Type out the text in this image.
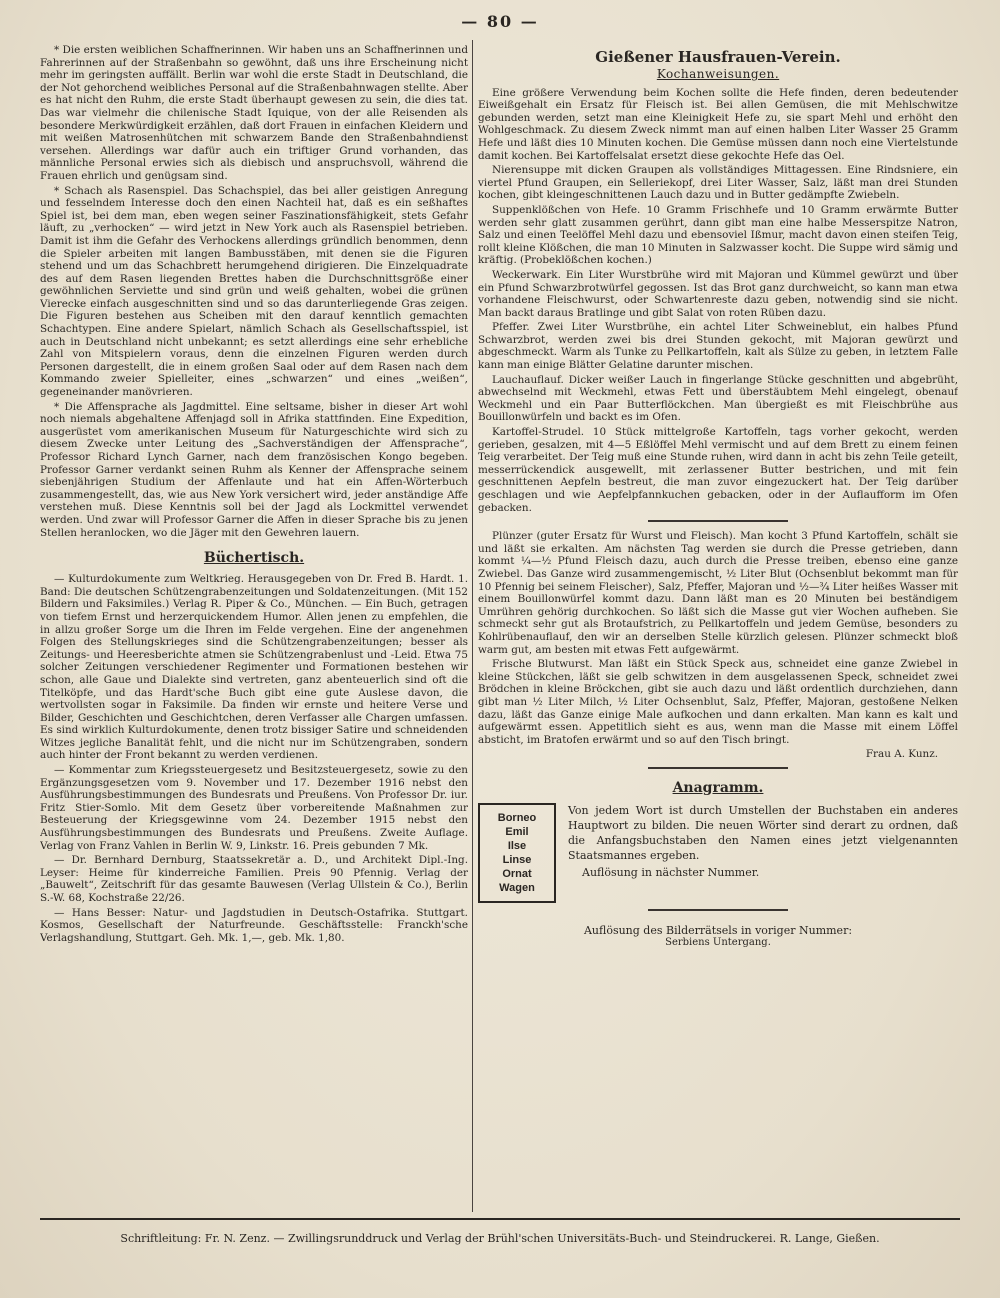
— 80 —

* Die ersten weiblichen Schaffnerinnen. Wir haben uns an Schaffnerinnen und Fahrerinnen auf der Straßenbahn so gewöhnt, daß uns ihre Erscheinung nicht mehr im geringsten auffällt. Berlin war wohl die erste Stadt in Deutschland, die der Not gehorchend weibliches Personal auf die Straßenbahnwagen stellte. Aber es hat nicht den Ruhm, die erste Stadt überhaupt gewesen zu sein, die dies tat. Das war vielmehr die chilenische Stadt Iquique, von der alle Reisenden als besondere Merkwürdigkeit erzählen, daß dort Frauen in einfachen Kleidern und mit weißen Matrosenhütchen mit schwarzem Bande den Straßenbahndienst versehen. Allerdings war dafür auch ein triftiger Grund vorhanden, das männliche Personal erwies sich als diebisch und anspruchsvoll, während die Frauen ehrlich und genügsam sind.

* Schach als Rasenspiel. Das Schachspiel, das bei aller geistigen Anregung und fesselndem Interesse doch den einen Nachteil hat, daß es ein seßhaftes Spiel ist, bei dem man, eben wegen seiner Faszinationsfähigkeit, stets Gefahr läuft, zu „verhocken“ — wird jetzt in New York auch als Rasenspiel betrieben. Damit ist ihm die Gefahr des Verhockens allerdings gründlich benommen, denn die Spieler arbeiten mit langen Bambusstäben, mit denen sie die Figuren stehend und um das Schachbrett herumgehend dirigieren. Die Einzelquadrate des auf dem Rasen liegenden Brettes haben die Durchschnittsgröße einer gewöhnlichen Serviette und sind grün und weiß gehalten, wobei die grünen Vierecke einfach ausgeschnitten sind und so das darunterliegende Gras zeigen. Die Figuren bestehen aus Scheiben mit den darauf kenntlich gemachten Schachtypen. Eine andere Spielart, nämlich Schach als Gesellschaftsspiel, ist auch in Deutschland nicht unbekannt; es setzt allerdings eine sehr erhebliche Zahl von Mitspielern voraus, denn die einzelnen Figuren werden durch Personen dargestellt, die in einem großen Saal oder auf dem Rasen nach dem Kommando zweier Spielleiter, eines „schwarzen“ und eines „weißen“, gegeneinander manövrieren.

* Die Affensprache als Jagdmittel. Eine seltsame, bisher in dieser Art wohl noch niemals abgehaltene Affenjagd soll in Afrika stattfinden. Eine Expedition, ausgerüstet vom amerikanischen Museum für Naturgeschichte wird sich zu diesem Zwecke unter Leitung des „Sachverständigen der Affensprache“, Professor Richard Lynch Garner, nach dem französischen Kongo begeben. Professor Garner verdankt seinen Ruhm als Kenner der Affensprache seinem siebenjährigen Studium der Affenlaute und hat ein Affen-Wörterbuch zusammengestellt, das, wie aus New York versichert wird, jeder anständige Affe verstehen muß. Diese Kenntnis soll bei der Jagd als Lockmittel verwendet werden. Und zwar will Professor Garner die Affen in dieser Sprache bis zu jenen Stellen heranlocken, wo die Jäger mit den Gewehren lauern.

Büchertisch.

— Kulturdokumente zum Weltkrieg. Herausgegeben von Dr. Fred B. Hardt. 1. Band: Die deutschen Schützengrabenzeitungen und Soldatenzeitungen. (Mit 152 Bildern und Faksimiles.) Verlag R. Piper & Co., München. — Ein Buch, getragen von tiefem Ernst und herzerquickendem Humor. Allen jenen zu empfehlen, die in allzu großer Sorge um die Ihren im Felde vergehen. Eine der angenehmen Folgen des Stellungskrieges sind die Schützengrabenzeitungen; besser als Zeitungs- und Heeresberichte atmen sie Schützengrabenlust und -Leid. Etwa 75 solcher Zeitungen verschiedener Regimenter und Formationen bestehen wir schon, alle Gaue und Dialekte sind vertreten, ganz abenteuerlich sind oft die Titelköpfe, und das Hardt'sche Buch gibt eine gute Auslese davon, die wertvollsten sogar in Faksimile. Da finden wir ernste und heitere Verse und Bilder, Geschichten und Geschichtchen, deren Verfasser alle Chargen umfassen. Es sind wirklich Kulturdokumente, denen trotz bissiger Satire und schneidenden Witzes jegliche Banalität fehlt, und die nicht nur im Schützengraben, sondern auch hinter der Front bekannt zu werden verdienen.

— Kommentar zum Kriegssteuergesetz und Besitzsteuergesetz, sowie zu den Ergänzungsgesetzen vom 9. November und 17. Dezember 1916 nebst den Ausführungsbestimmungen des Bundesrats und Preußens. Von Professor Dr. iur. Fritz Stier-Somlo. Mit dem Gesetz über vorbereitende Maßnahmen zur Besteuerung der Kriegsgewinne vom 24. Dezember 1915 nebst den Ausführungsbestimmungen des Bundesrats und Preußens. Zweite Auflage. Verlag von Franz Vahlen in Berlin W. 9, Linkstr. 16. Preis gebunden 7 Mk.

— Dr. Bernhard Dernburg, Staatssekretär a. D., und Architekt Dipl.-Ing. Leyser: Heime für kinderreiche Familien. Preis 90 Pfennig. Verlag der „Bauwelt“, Zeitschrift für das gesamte Bauwesen (Verlag Ullstein & Co.), Berlin S.-W. 68, Kochstraße 22/26.

— Hans Besser: Natur- und Jagdstudien in Deutsch-Ostafrika. Stuttgart. Kosmos, Gesellschaft der Naturfreunde. Geschäftsstelle: Franckh'sche Verlagshandlung, Stuttgart. Geh. Mk. 1,—, geb. Mk. 1,80.

Gießener Hausfrauen-Verein.
Kochanweisungen.

Eine größere Verwendung beim Kochen sollte die Hefe finden, deren bedeutender Eiweißgehalt ein Ersatz für Fleisch ist. Bei allen Gemüsen, die mit Mehlschwitze gebunden werden, setzt man eine Kleinigkeit Hefe zu, sie spart Mehl und erhöht den Wohlgeschmack. Zu diesem Zweck nimmt man auf einen halben Liter Wasser 25 Gramm Hefe und läßt dies 10 Minuten kochen. Die Gemüse müssen dann noch eine Viertelstunde damit kochen. Bei Kartoffelsalat ersetzt diese gekochte Hefe das Oel.

Nierensuppe mit dicken Graupen als vollständiges Mittagessen. Eine Rindsniere, ein viertel Pfund Graupen, ein Selleriekopf, drei Liter Wasser, Salz, läßt man drei Stunden kochen, gibt kleingeschnittenen Lauch dazu und in Butter gedämpfte Zwiebeln.

Suppenklößchen von Hefe. 10 Gramm Frischhefe und 10 Gramm erwärmte Butter werden sehr glatt zusammen gerührt, dann gibt man eine halbe Messerspitze Natron, Salz und einen Teelöffel Mehl dazu und ebensoviel Ißmur, macht davon einen steifen Teig, rollt kleine Klößchen, die man 10 Minuten in Salzwasser kocht. Die Suppe wird sämig und kräftig. (Probeklößchen kochen.)

Weckerwark. Ein Liter Wurstbrühe wird mit Majoran und Kümmel gewürzt und über ein Pfund Schwarzbrotwürfel gegossen. Ist das Brot ganz durchweicht, so kann man etwa vorhandene Fleischwurst, oder Schwartenreste dazu geben, notwendig sind sie nicht. Man backt daraus Bratlinge und gibt Salat von roten Rüben dazu.

Pfeffer. Zwei Liter Wurstbrühe, ein achtel Liter Schweineblut, ein halbes Pfund Schwarzbrot, werden zwei bis drei Stunden gekocht, mit Majoran gewürzt und abgeschmeckt. Warm als Tunke zu Pellkartoffeln, kalt als Sülze zu geben, in letztem Falle kann man einige Blätter Gelatine darunter mischen.

Lauchauflauf. Dicker weißer Lauch in fingerlange Stücke geschnitten und abgebrüht, abwechselnd mit Weckmehl, etwas Fett und überstäubtem Mehl eingelegt, obenauf Weckmehl und ein Paar Butterflöckchen. Man übergießt es mit Fleischbrühe aus Bouillonwürfeln und backt es im Ofen.

Kartoffel-Strudel. 10 Stück mittelgroße Kartoffeln, tags vorher gekocht, werden gerieben, gesalzen, mit 4—5 Eßlöffel Mehl vermischt und auf dem Brett zu einem feinen Teig verarbeitet. Der Teig muß eine Stunde ruhen, wird dann in acht bis zehn Teile geteilt, messerrückendick ausgewellt, mit zerlassener Butter bestrichen, und mit fein geschnittenen Aepfeln bestreut, die man zuvor eingezuckert hat. Der Teig darüber geschlagen und wie Aepfelpfannkuchen gebacken, oder in der Auflaufform im Ofen gebacken.

Plünzer (guter Ersatz für Wurst und Fleisch). Man kocht 3 Pfund Kartoffeln, schält sie und läßt sie erkalten. Am nächsten Tag werden sie durch die Presse getrieben, dann kommt ¼—½ Pfund Fleisch dazu, auch durch die Presse treiben, ebenso eine ganze Zwiebel. Das Ganze wird zusammengemischt, ½ Liter Blut (Ochsenblut bekommt man für 10 Pfennig bei seinem Fleischer), Salz, Pfeffer, Majoran und ½—¾ Liter heißes Wasser mit einem Bouillonwürfel kommt dazu. Dann läßt man es 20 Minuten bei beständigem Umrühren gehörig durchkochen. So läßt sich die Masse gut vier Wochen aufheben. Sie schmeckt sehr gut als Brotaufstrich, zu Pellkartoffeln und jedem Gemüse, besonders zu Kohlrübenauflauf, den wir an derselben Stelle kürzlich gelesen. Plünzer schmeckt bloß warm gut, am besten mit etwas Fett aufgewärmt.

Frische Blutwurst. Man läßt ein Stück Speck aus, schneidet eine ganze Zwiebel in kleine Stückchen, läßt sie gelb schwitzen in dem ausgelassenen Speck, schneidet zwei Brödchen in kleine Bröckchen, gibt sie auch dazu und läßt ordentlich durchziehen, dann gibt man ½ Liter Milch, ½ Liter Ochsenblut, Salz, Pfeffer, Majoran, gestoßene Nelken dazu, läßt das Ganze einige Male aufkochen und dann erkalten. Man kann es kalt und aufgewärmt essen. Appetitlich sieht es aus, wenn man die Masse mit einem Löffel absticht, im Bratofen erwärmt und so auf den Tisch bringt.

Frau A. Kunz.
Anagramm.
Borneo
Emil
Ilse
Linse
Ornat
Wagen

Von jedem Wort ist durch Umstellen der Buchstaben ein anderes Hauptwort zu bilden. Die neuen Wörter sind derart zu ordnen, daß die Anfangsbuchstaben den Namen eines jetzt vielgenannten Staatsmannes ergeben.

Auflösung in nächster Nummer.

Auflösung des Bilderrätsels in voriger Nummer:
Serbiens Untergang.
Schriftleitung: Fr. N. Zenz. — Zwillingsrunddruck und Verlag der Brühl'schen Universitäts-Buch- und Steindruckerei. R. Lange, Gießen.
